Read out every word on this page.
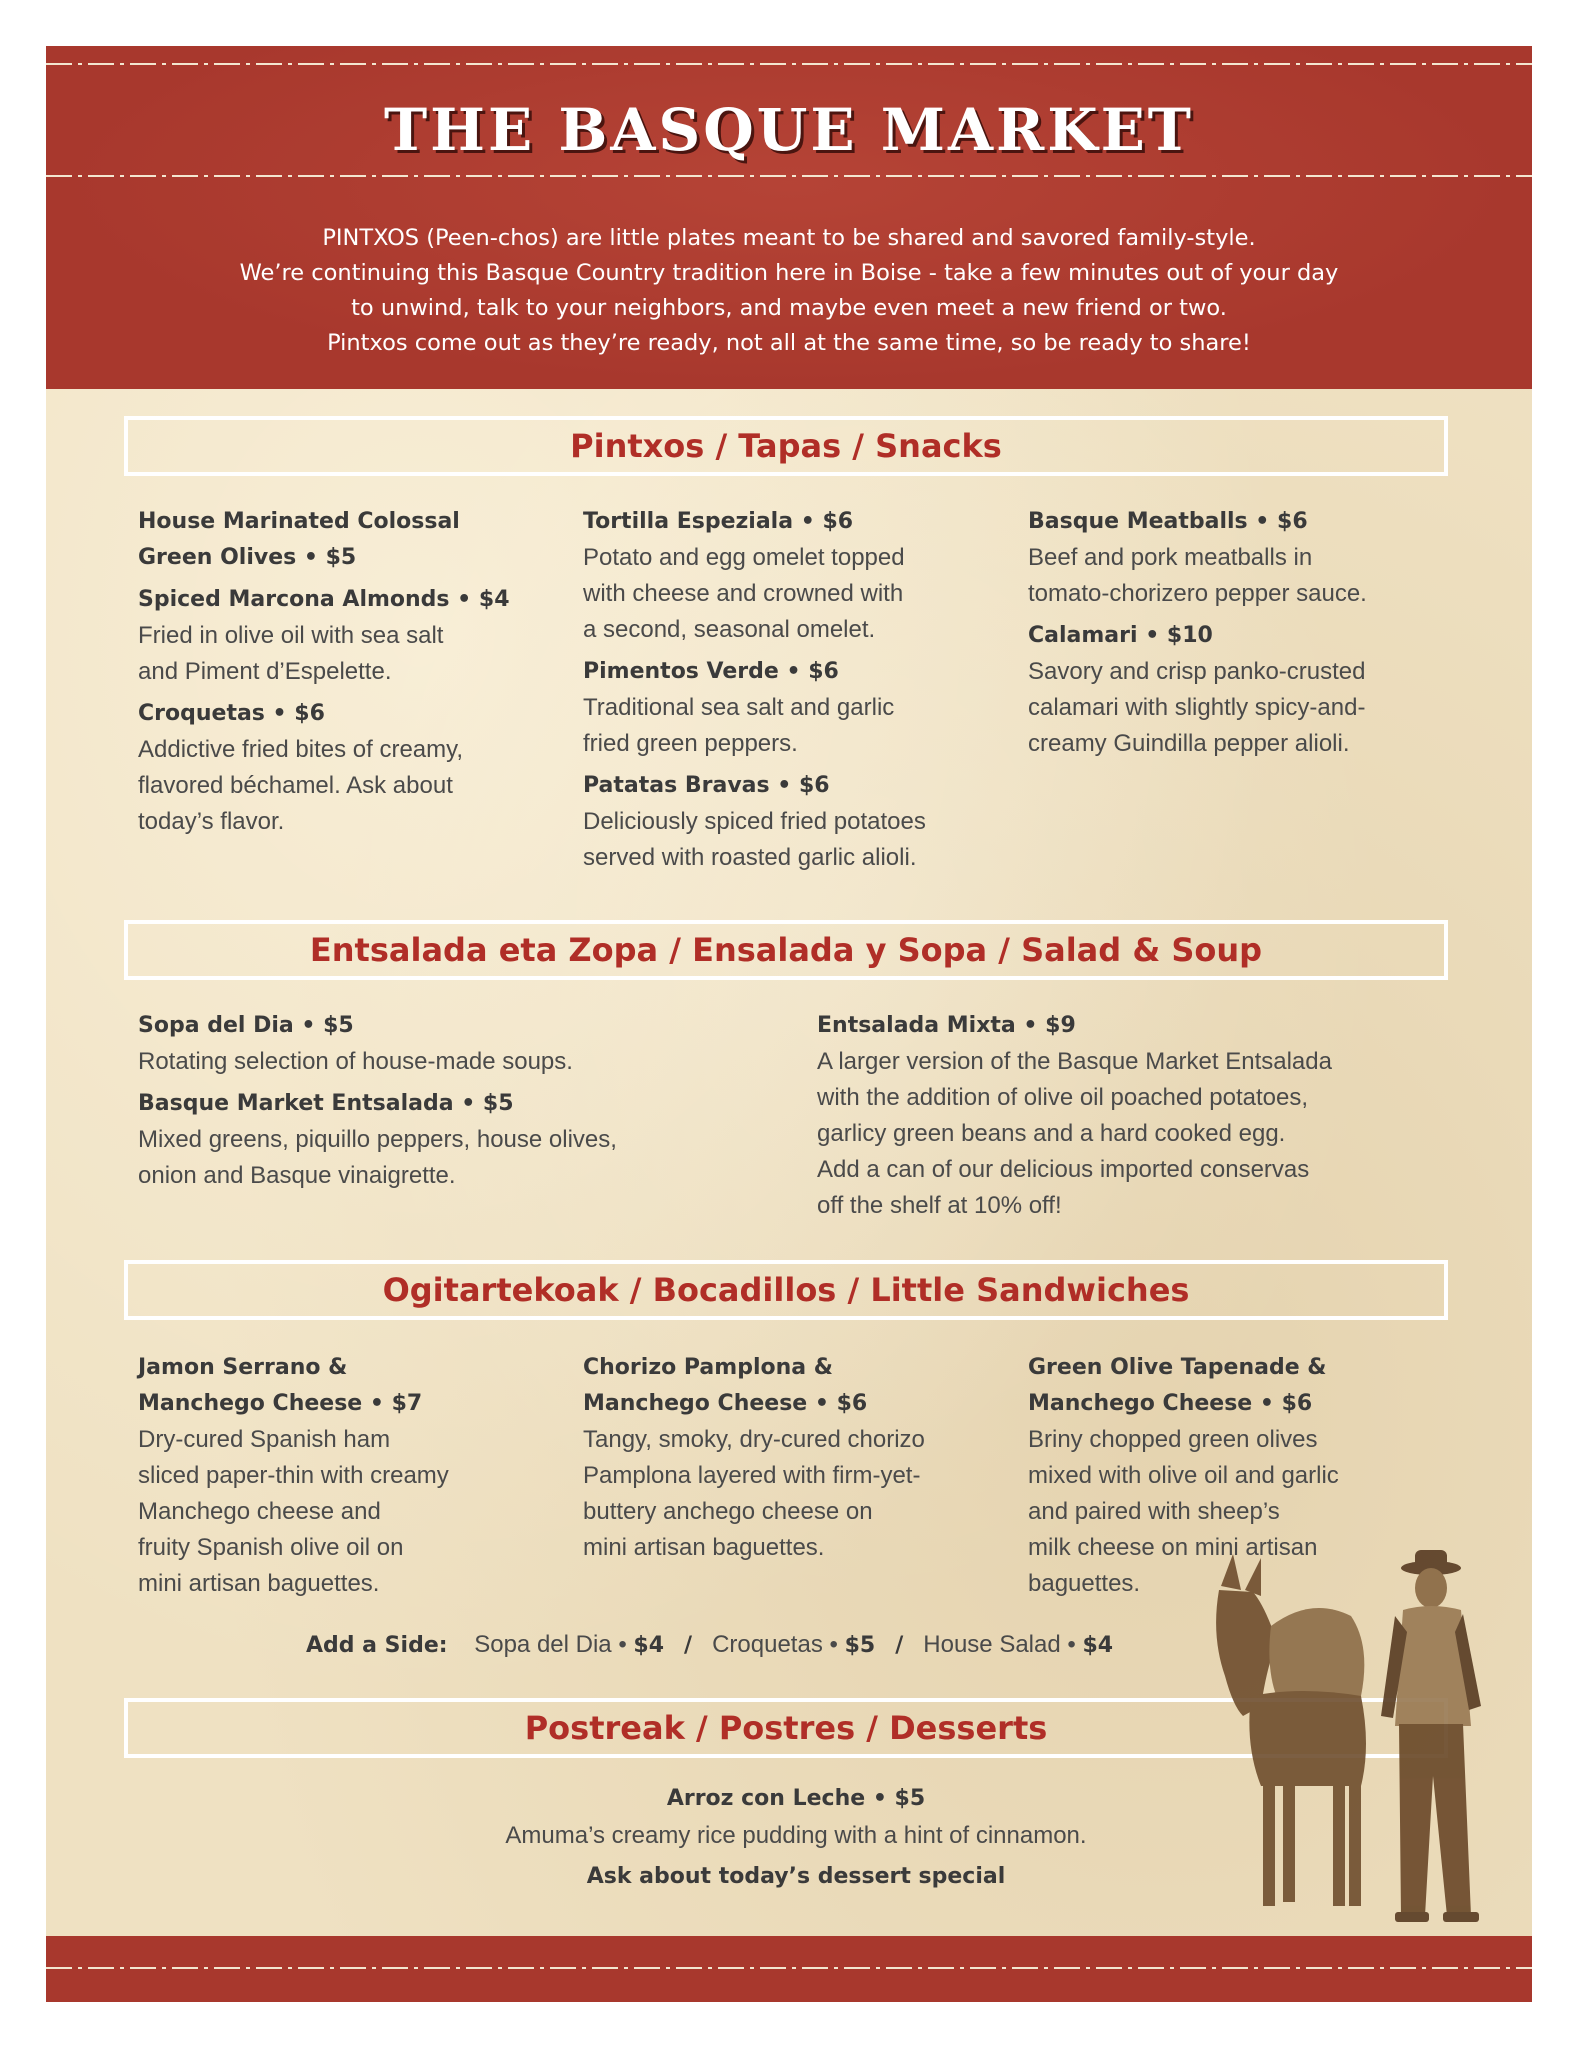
THE BASQUE MARKET
PINTXOS (Peen-chos) are little plates meant to be shared and savored family-style.
We’re continuing this Basque Country tradition here in Boise - take a few minutes out of your day
to unwind, talk to your neighbors, and maybe even meet a new friend or two.
Pintxos come out as they’re ready, not all at the same time, so be ready to share!
Pintxos / Tapas / Snacks
House Marinated Colossal
Green Olives • $5
Spiced Marcona Almonds • $4
Fried in olive oil with sea salt
and Piment d’Espelette.
Croquetas • $6
Addictive fried bites of creamy,
flavored béchamel. Ask about
today’s flavor.
Tortilla Espeziala • $6
Potato and egg omelet topped
with cheese and crowned with
a second, seasonal omelet.
Pimentos Verde • $6
Traditional sea salt and garlic
fried green peppers.
Patatas Bravas • $6
Deliciously spiced fried potatoes
served with roasted garlic alioli.
Basque Meatballs • $6
Beef and pork meatballs in
tomato-chorizero pepper sauce.
Calamari • $10
Savory and crisp panko-crusted
calamari with slightly spicy-and-
creamy Guindilla pepper alioli.
Entsalada eta Zopa / Ensalada y Sopa / Salad & Soup
Sopa del Dia • $5
Rotating selection of house-made soups.
Basque Market Entsalada • $5
Mixed greens, piquillo peppers, house olives,
onion and Basque vinaigrette.
Entsalada Mixta • $9
A larger version of the Basque Market Entsalada
with the addition of olive oil poached potatoes,
garlicy green beans and a hard cooked egg.
Add a can of our delicious imported conservas
off the shelf at 10% off!
Ogitartekoak / Bocadillos / Little Sandwiches
Jamon Serrano &
Manchego Cheese • $7
Dry-cured Spanish ham
sliced paper-thin with creamy
Manchego cheese and
fruity Spanish olive oil on
mini artisan baguettes.
Chorizo Pamplona &
Manchego Cheese • $6
Tangy, smoky, dry-cured chorizo
Pamplona layered with firm-yet-
buttery anchego cheese on
mini artisan baguettes.
Green Olive Tapenade &
Manchego Cheese • $6
Briny chopped green olives
mixed with olive oil and garlic
and paired with sheep’s
milk cheese on mini artisan
baguettes.
Add a Side: Sopa del Dia • $4 / Croquetas • $5 / House Salad • $4
Postreak / Postres / Desserts
Arroz con Leche • $5
Amuma’s creamy rice pudding with a hint of cinnamon.
Ask about today’s dessert special
